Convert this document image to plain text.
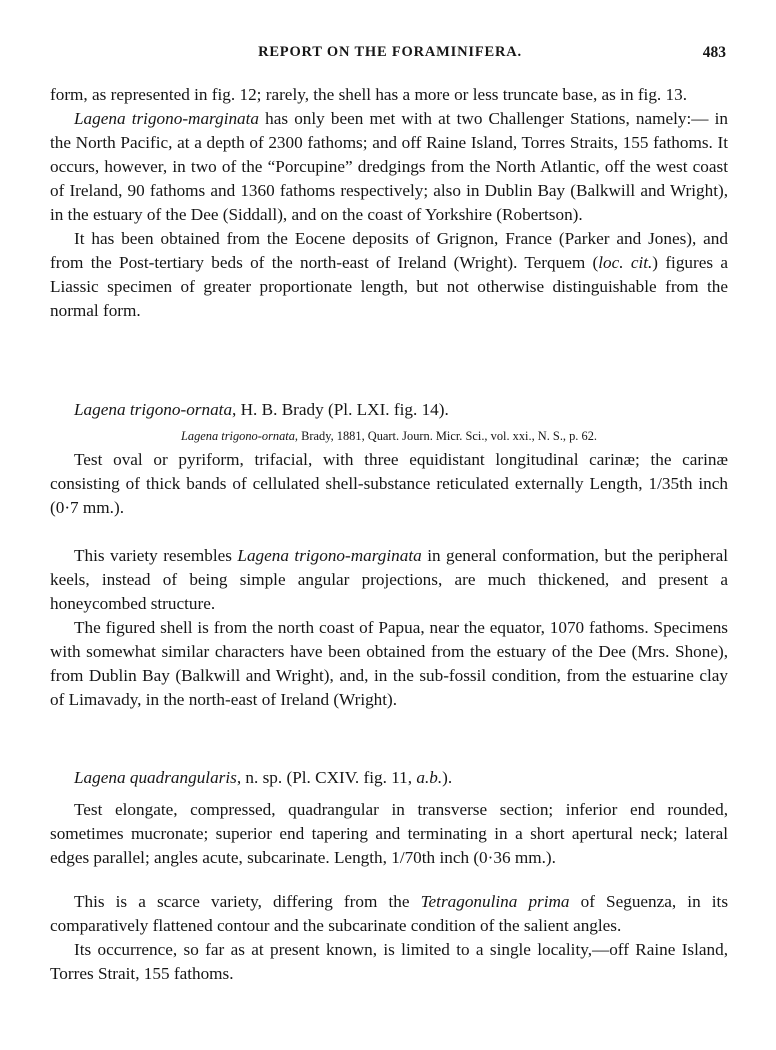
REPORT ON THE FORAMINIFERA.	483

form, as represented in fig. 12; rarely, the shell has a more or less truncate base, as in fig. 13.

Lagena trigono-marginata has only been met with at two Challenger Stations, namely:— in the North Pacific, at a depth of 2300 fathoms; and off Raine Island, Torres Straits, 155 fathoms. It occurs, however, in two of the “Porcupine” dredgings from the North Atlantic, off the west coast of Ireland, 90 fathoms and 1360 fathoms respectively; also in Dublin Bay (Balkwill and Wright), in the estuary of the Dee (Siddall), and on the coast of Yorkshire (Robertson).

It has been obtained from the Eocene deposits of Grignon, France (Parker and Jones), and from the Post-tertiary beds of the north-east of Ireland (Wright). Terquem (loc. cit.) figures a Liassic specimen of greater proportionate length, but not otherwise distinguishable from the normal form.

Lagena trigono-ornata, H. B. Brady (Pl. LXI. fig. 14).

Lagena trigono-ornata, Brady, 1881, Quart. Journ. Micr. Sci., vol. xxi., N. S., p. 62.

Test oval or pyriform, trifacial, with three equidistant longitudinal carinæ; the carinæ consisting of thick bands of cellulated shell-substance reticulated externally Length, 1/35th inch (0·7 mm.).

This variety resembles Lagena trigono-marginata in general conformation, but the peripheral keels, instead of being simple angular projections, are much thickened, and present a honeycombed structure.

The figured shell is from the north coast of Papua, near the equator, 1070 fathoms. Specimens with somewhat similar characters have been obtained from the estuary of the Dee (Mrs. Shone), from Dublin Bay (Balkwill and Wright), and, in the sub-fossil condition, from the estuarine clay of Limavady, in the north-east of Ireland (Wright).

Lagena quadrangularis, n. sp. (Pl. CXIV. fig. 11, a.b.).

Test elongate, compressed, quadrangular in transverse section; inferior end rounded, sometimes mucronate; superior end tapering and terminating in a short apertural neck; lateral edges parallel; angles acute, subcarinate. Length, 1/70th inch (0·36 mm.).

This is a scarce variety, differing from the Tetragonulina prima of Seguenza, in its comparatively flattened contour and the subcarinate condition of the salient angles.

Its occurrence, so far as at present known, is limited to a single locality,—off Raine Island, Torres Strait, 155 fathoms.
